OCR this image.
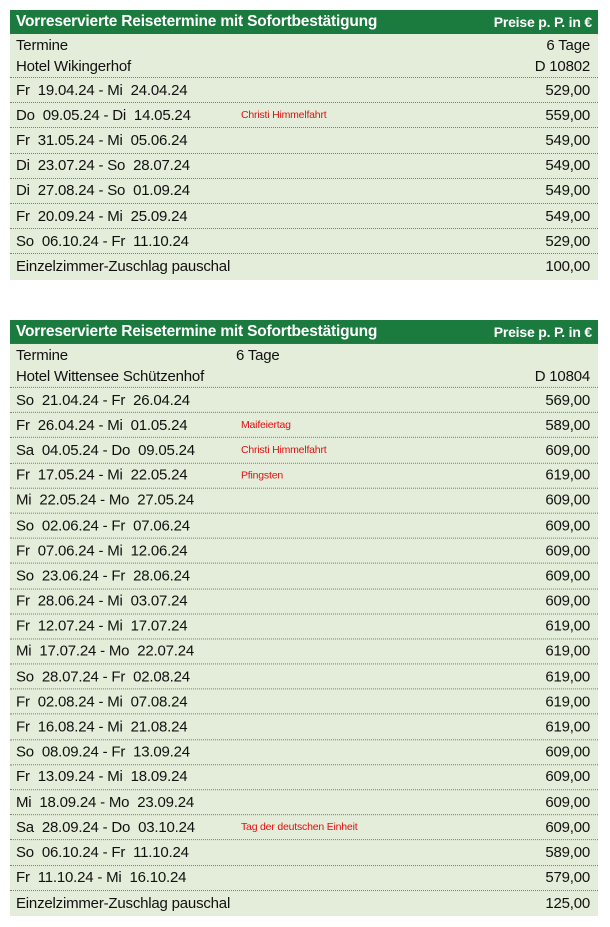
Vorreservierte Reisetermine mit Sofortbestätigung	Preise p. P. in €
Termine	6 Tage
Hotel Wikingerhof	D 10802
Fr  19.04.24 - Mi  24.04.24	529,00
Do  09.05.24 - Di  14.05.24	Christi Himmelfahrt	559,00
Fr  31.05.24 - Mi  05.06.24	549,00
Di  23.07.24 - So  28.07.24	549,00
Di  27.08.24 - So  01.09.24	549,00
Fr  20.09.24 - Mi  25.09.24	549,00
So  06.10.24 - Fr  11.10.24	529,00
Einzelzimmer-Zuschlag pauschal	100,00
Vorreservierte Reisetermine mit Sofortbestätigung	Preise p. P. in €
Termine	6 Tage
Hotel Wittensee Schützenhof	D 10804
So  21.04.24 - Fr  26.04.24	569,00
Fr  26.04.24 - Mi  01.05.24	Maifeiertag	589,00
Sa  04.05.24 - Do  09.05.24	Christi Himmelfahrt	609,00
Fr  17.05.24 - Mi  22.05.24	Pfingsten	619,00
Mi  22.05.24 - Mo  27.05.24	609,00
So  02.06.24 - Fr  07.06.24	609,00
Fr  07.06.24 - Mi  12.06.24	609,00
So  23.06.24 - Fr  28.06.24	609,00
Fr  28.06.24 - Mi  03.07.24	609,00
Fr  12.07.24 - Mi  17.07.24	619,00
Mi  17.07.24 - Mo  22.07.24	619,00
So  28.07.24 - Fr  02.08.24	619,00
Fr  02.08.24 - Mi  07.08.24	619,00
Fr  16.08.24 - Mi  21.08.24	619,00
So  08.09.24 - Fr  13.09.24	609,00
Fr  13.09.24 - Mi  18.09.24	609,00
Mi  18.09.24 - Mo  23.09.24	609,00
Sa  28.09.24 - Do  03.10.24	Tag der deutschen Einheit	609,00
So  06.10.24 - Fr  11.10.24	589,00
Fr  11.10.24 - Mi  16.10.24	579,00
Einzelzimmer-Zuschlag pauschal	125,00
